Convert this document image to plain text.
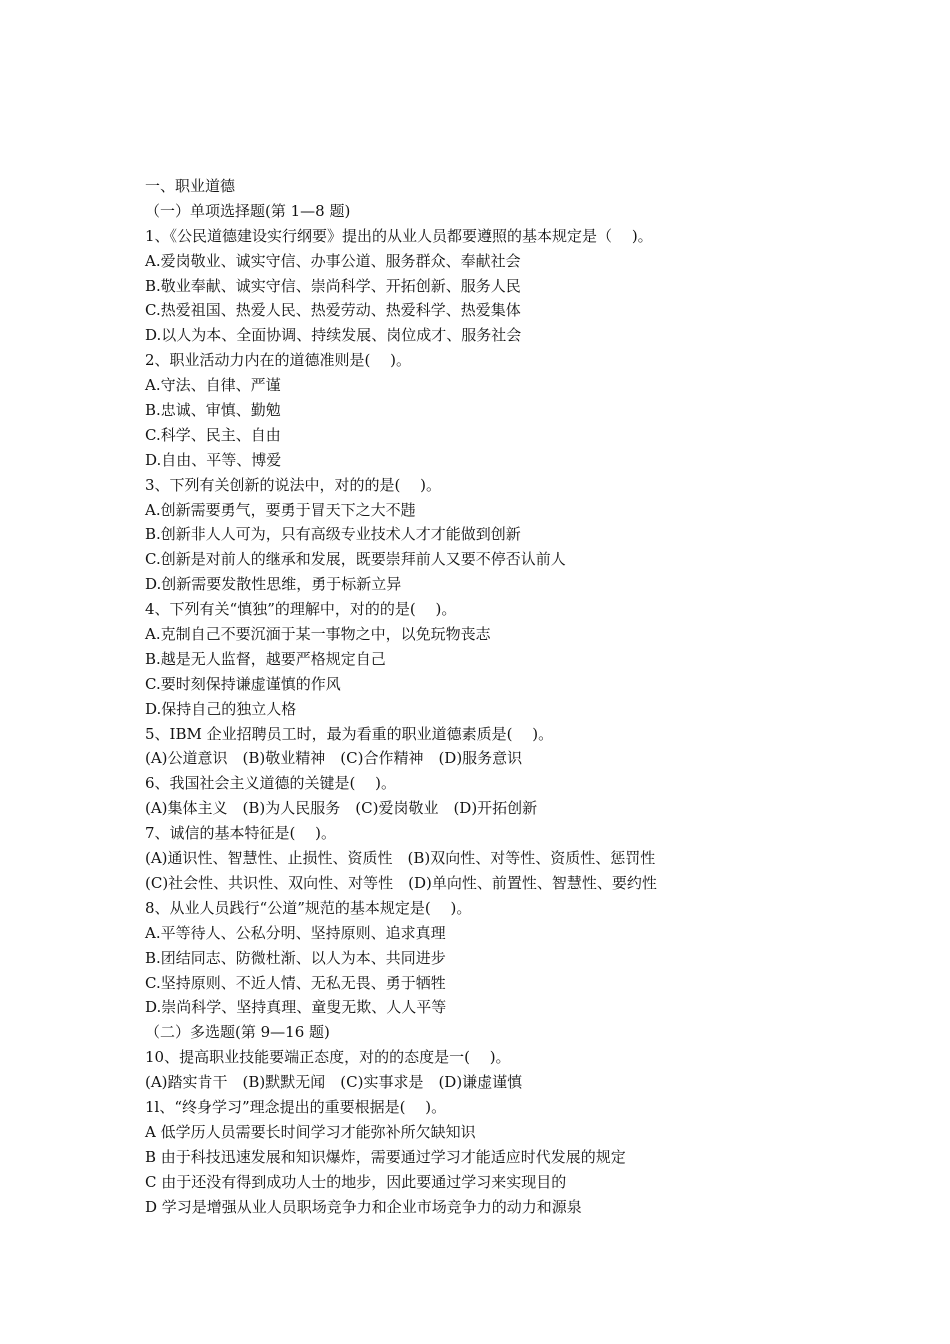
一、职业道德
（一）单项选择题(第 1—8 题)
1、《公民道德建设实行纲要》提出的从业人员都要遵照的基本规定是（　 )。
A.爱岗敬业、诚实守信、办事公道、服务群众、奉献社会
B.敬业奉献、诚实守信、崇尚科学、开拓创新、服务人民
C.热爱祖国、热爱人民、热爱劳动、热爱科学、热爱集体
D.以人为本、全面协调、持续发展、岗位成才、服务社会
2、职业活动力内在的道德准则是(　 )。
A.守法、自律、严谨
B.忠诚、审慎、勤勉
C.科学、民主、自由
D.自由、平等、博爱
3、下列有关创新的说法中，对的的是(　 )。
A.创新需要勇气，要勇于冒天下之大不韪
B.创新非人人可为，只有高级专业技术人才才能做到创新
C.创新是对前人的继承和发展，既要崇拜前人又要不停否认前人
D.创新需要发散性思维，勇于标新立异
4、下列有关“慎独”的理解中，对的的是(　 )。
A.克制自己不要沉湎于某一事物之中，以免玩物丧志
B.越是无人监督，越要严格规定自己
C.要时刻保持谦虚谨慎的作风
D.保持自己的独立人格
5、IBM 企业招聘员工时，最为看重的职业道德素质是(　 )。
(A)公道意识　(B)敬业精神　(C)合作精神　(D)服务意识
6、我国社会主义道德的关键是(　 )。
(A)集体主义　(B)为人民服务　(C)爱岗敬业　(D)开拓创新
7、诚信的基本特征是(　 )。
(A)通识性、智慧性、止损性、资质性　(B)双向性、对等性、资质性、惩罚性
(C)社会性、共识性、双向性、对等性　(D)单向性、前置性、智慧性、要约性
8、从业人员践行“公道”规范的基本规定是(　 )。
A.平等待人、公私分明、坚持原则、追求真理
B.团结同志、防微杜渐、以人为本、共同进步
C.坚持原则、不近人情、无私无畏、勇于牺牲
D.崇尚科学、坚持真理、童叟无欺、人人平等
（二）多选题(第 9—16 题)
10、提高职业技能要端正态度，对的的态度是一(　 )。
(A)踏实肯干　(B)默默无闻　(C)实事求是　(D)谦虚谨慎
1l、“终身学习”理念提出的重要根据是(　 )。
A 低学历人员需要长时间学习才能弥补所欠缺知识
B 由于科技迅速发展和知识爆炸，需要通过学习才能适应时代发展的规定
C 由于还没有得到成功人士的地步，因此要通过学习来实现目的
D 学习是增强从业人员职场竞争力和企业市场竞争力的动力和源泉
